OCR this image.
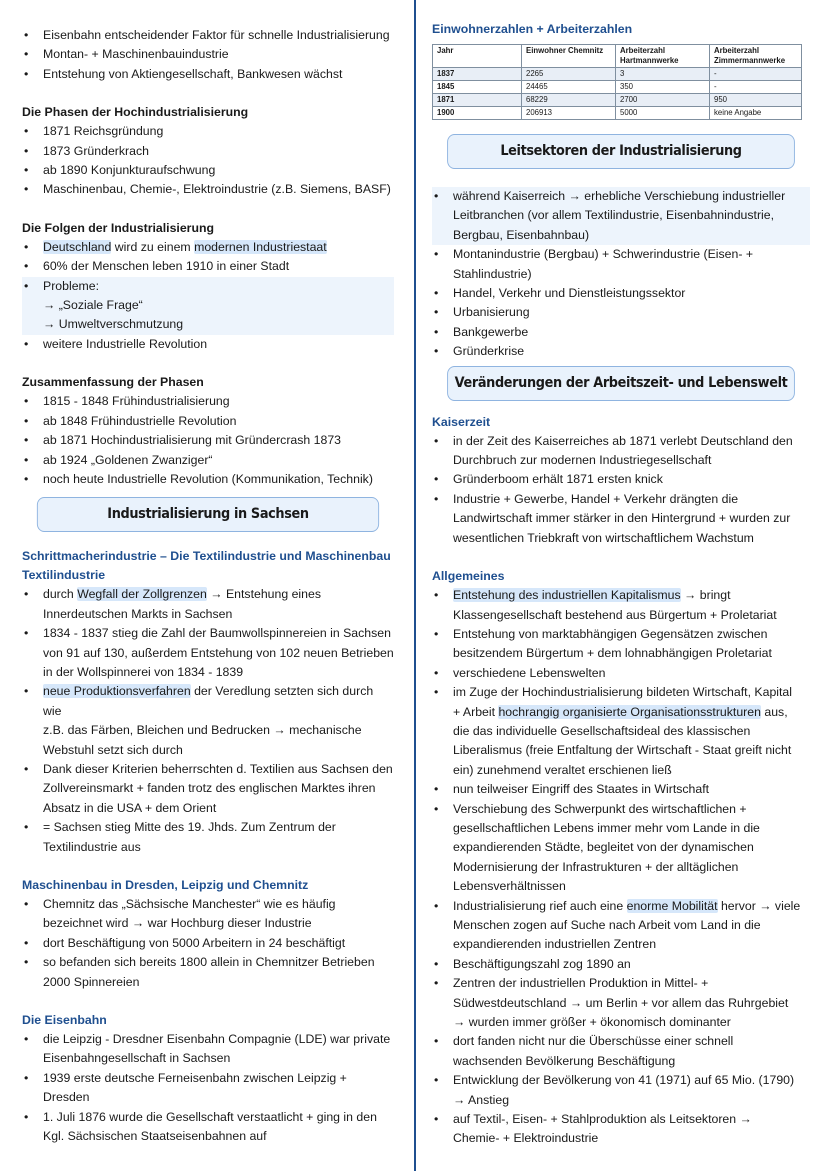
• Eisenbahn entscheidender Faktor für schnelle Industrialisierung
• Montan- + Maschinenbauindustrie
• Entstehung von Aktiengesellschaft, Bankwesen wächst
Die Phasen der Hochindustrialisierung
• 1871 Reichsgründung
• 1873 Gründerkrach
• ab 1890 Konjunkturaufschwung
• Maschinenbau, Chemie-, Elektroindustrie (z.B. Siemens, BASF)
Die Folgen der Industrialisierung
• Deutschland wird zu einem modernen Industriestaat
• 60% der Menschen leben 1910 in einer Stadt
• Probleme:
→ „Soziale Frage“
→ Umweltverschmutzung
• weitere Industrielle Revolution
Zusammenfassung der Phasen
• 1815 - 1848 Frühindustrialisierung
• ab 1848 Frühindustrielle Revolution
• ab 1871 Hochindustrialisierung mit Gründercrash 1873
• ab 1924 „Goldenen Zwanziger“
• noch heute Industrielle Revolution (Kommunikation, Technik)
Industrialisierung in Sachsen
Schrittmacherindustrie – Die Textilindustrie und Maschinenbau
Textilindustrie
• durch Wegfall der Zollgrenzen → Entstehung eines
Innerdeutschen Markts in Sachsen
• 1834 - 1837 stieg die Zahl der Baumwollspinnereien in Sachsen
von 91 auf 130, außerdem Entstehung von 102 neuen Betrieben
in der Wollspinnerei von 1834 - 1839
• neue Produktionsverfahren der Veredlung setzten sich durch wie
z.B. das Färben, Bleichen und Bedrucken → mechanische
Webstuhl setzt sich durch
• Dank dieser Kriterien beherrschten d. Textilien aus Sachsen den
Zollvereinsmarkt + fanden trotz des englischen Marktes ihren
Absatz in die USA + dem Orient
• = Sachsen stieg Mitte des 19. Jhds. Zum Zentrum der
Textilindustrie aus
Maschinenbau in Dresden, Leipzig und Chemnitz
• Chemnitz das „Sächsische Manchester“ wie es häufig
bezeichnet wird → war Hochburg dieser Industrie
• dort Beschäftigung von 5000 Arbeitern in 24 beschäftigt
• so befanden sich bereits 1800 allein in Chemnitzer Betrieben
2000 Spinnereien
Die Eisenbahn
• die Leipzig - Dresdner Eisenbahn Compagnie (LDE) war private
Eisenbahngesellschaft in Sachsen
• 1939 erste deutsche Ferneisenbahn zwischen Leipzig +
Dresden
• 1. Juli 1876 wurde die Gesellschaft verstaatlicht + ging in den
Kgl. Sächsischen Staatseisenbahnen auf
Einwohnerzahlen + Arbeiterzahlen
Jahr	Einwohner Chemnitz	Arbeiterzahl Hartmannwerke	Arbeiterzahl Zimmermannwerke
1837	2265	3	-
1845	24465	350	-
1871	68229	2700	950
1900	206913	5000	keine Angabe
Leitsektoren der Industrialisierung
• während Kaiserreich → erhebliche Verschiebung industrieller
Leitbranchen (vor allem Textilindustrie, Eisenbahnindustrie,
Bergbau, Eisenbahnbau)
• Montanindustrie (Bergbau) + Schwerindustrie (Eisen- +
Stahlindustrie)
• Handel, Verkehr und Dienstleistungssektor
• Urbanisierung
• Bankgewerbe
• Gründerkrise
Veränderungen der Arbeitszeit- und Lebenswelt
Kaiserzeit
• in der Zeit des Kaiserreiches ab 1871 verlebt Deutschland den
Durchbruch zur modernen Industriegesellschaft
• Gründerboom erhält 1871 ersten knick
• Industrie + Gewerbe, Handel + Verkehr drängten die
Landwirtschaft immer stärker in den Hintergrund + wurden zur
wesentlichen Triebkraft von wirtschaftlichem Wachstum
Allgemeines
• Entstehung des industriellen Kapitalismus → bringt
Klassengesellschaft bestehend aus Bürgertum + Proletariat
• Entstehung von marktabhängigen Gegensätzen zwischen
besitzendem Bürgertum + dem lohnabhängigen Proletariat
• verschiedene Lebenswelten
• im Zuge der Hochindustrialisierung bildeten Wirtschaft, Kapital
+ Arbeit hochrangig organisierte Organisationsstrukturen aus,
die das individuelle Gesellschaftsideal des klassischen
Liberalismus (freie Entfaltung der Wirtschaft - Staat greift nicht
ein) zunehmend veraltet erschienen ließ
• nun teilweiser Eingriff des Staates in Wirtschaft
• Verschiebung des Schwerpunkt des wirtschaftlichen +
gesellschaftlichen Lebens immer mehr vom Lande in die
expandierenden Städte, begleitet von der dynamischen
Modernisierung der Infrastrukturen + der alltäglichen
Lebensverhältnissen
• Industrialisierung rief auch eine enorme Mobilität hervor → viele
Menschen zogen auf Suche nach Arbeit vom Land in die
expandierenden industriellen Zentren
• Beschäftigungszahl zog 1890 an
• Zentren der industriellen Produktion in Mittel- +
Südwestdeutschland → um Berlin + vor allem das Ruhrgebiet
→ wurden immer größer + ökonomisch dominanter
• dort fanden nicht nur die Überschüsse einer schnell
wachsenden Bevölkerung Beschäftigung
• Entwicklung der Bevölkerung von 41 (1971) auf 65 Mio. (1790)
→ Anstieg
• auf Textil-, Eisen- + Stahlproduktion als Leitsektoren →
Chemie- + Elektroindustrie
